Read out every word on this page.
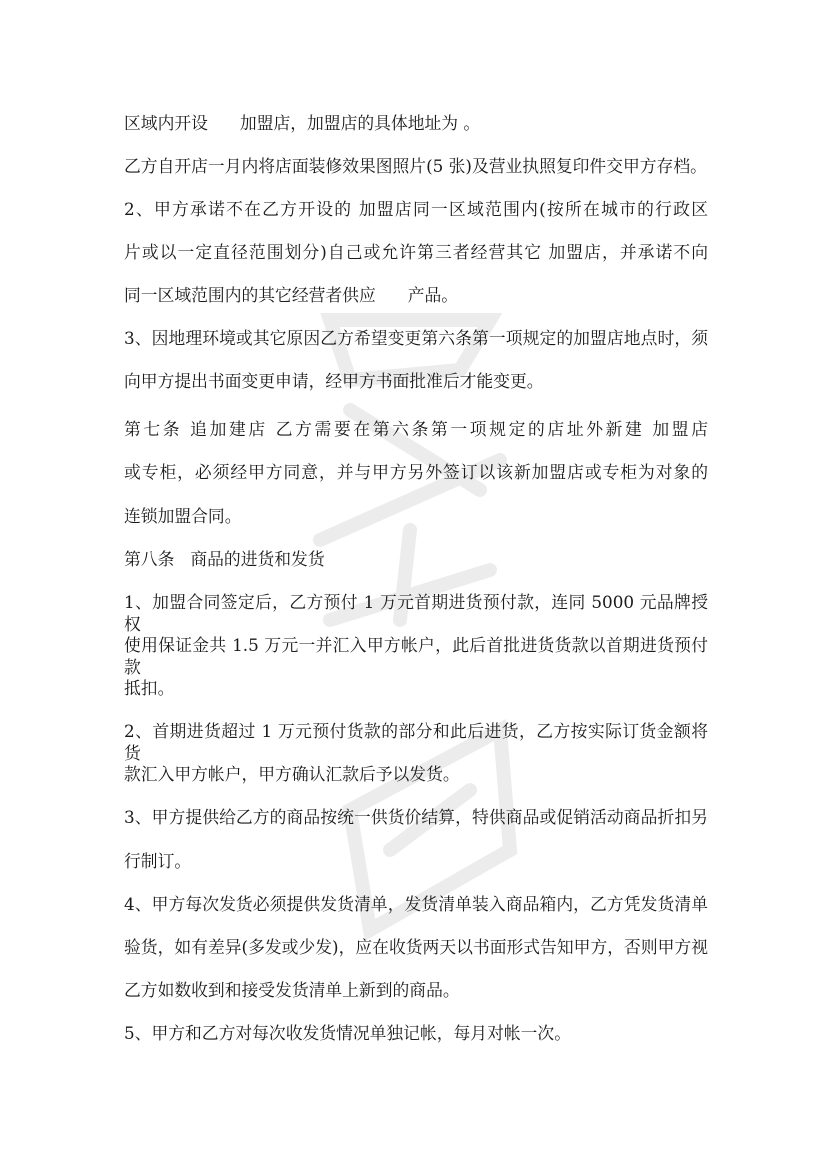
区域内开设      加盟店，加盟店的具体地址为 。
乙方自开店一月内将店面装修效果图照片(5 张)及营业执照复印件交甲方存档。
2、甲方承诺不在乙方开设的 加盟店同一区域范围内(按所在城市的行政区
片或以一定直径范围划分)自己或允许第三者经营其它 加盟店，并承诺不向
同一区域范围内的其它经营者供应      产品。
3、因地理环境或其它原因乙方希望变更第六条第一项规定的加盟店地点时，须
向甲方提出书面变更申请，经甲方书面批准后才能变更。
第七条 追加建店 乙方需要在第六条第一项规定的店址外新建 加盟店
或专柜，必须经甲方同意，并与甲方另外签订以该新加盟店或专柜为对象的
连锁加盟合同。
第八条   商品的进货和发货
1、加盟合同签定后，乙方预付 1 万元首期进货预付款，连同 5000 元品牌授权
使用保证金共 1.5 万元一并汇入甲方帐户，此后首批进货货款以首期进货预付款
抵扣。
2、首期进货超过 1 万元预付货款的部分和此后进货，乙方按实际订货金额将货
款汇入甲方帐户，甲方确认汇款后予以发货。
3、甲方提供给乙方的商品按统一供货价结算，特供商品或促销活动商品折扣另
行制订。
4、甲方每次发货必须提供发货清单，发货清单装入商品箱内，乙方凭发货清单
验货，如有差异(多发或少发)，应在收货两天以书面形式告知甲方，否则甲方视
乙方如数收到和接受发货清单上新到的商品。
5、甲方和乙方对每次收发货情况单独记帐，每月对帐一次。
